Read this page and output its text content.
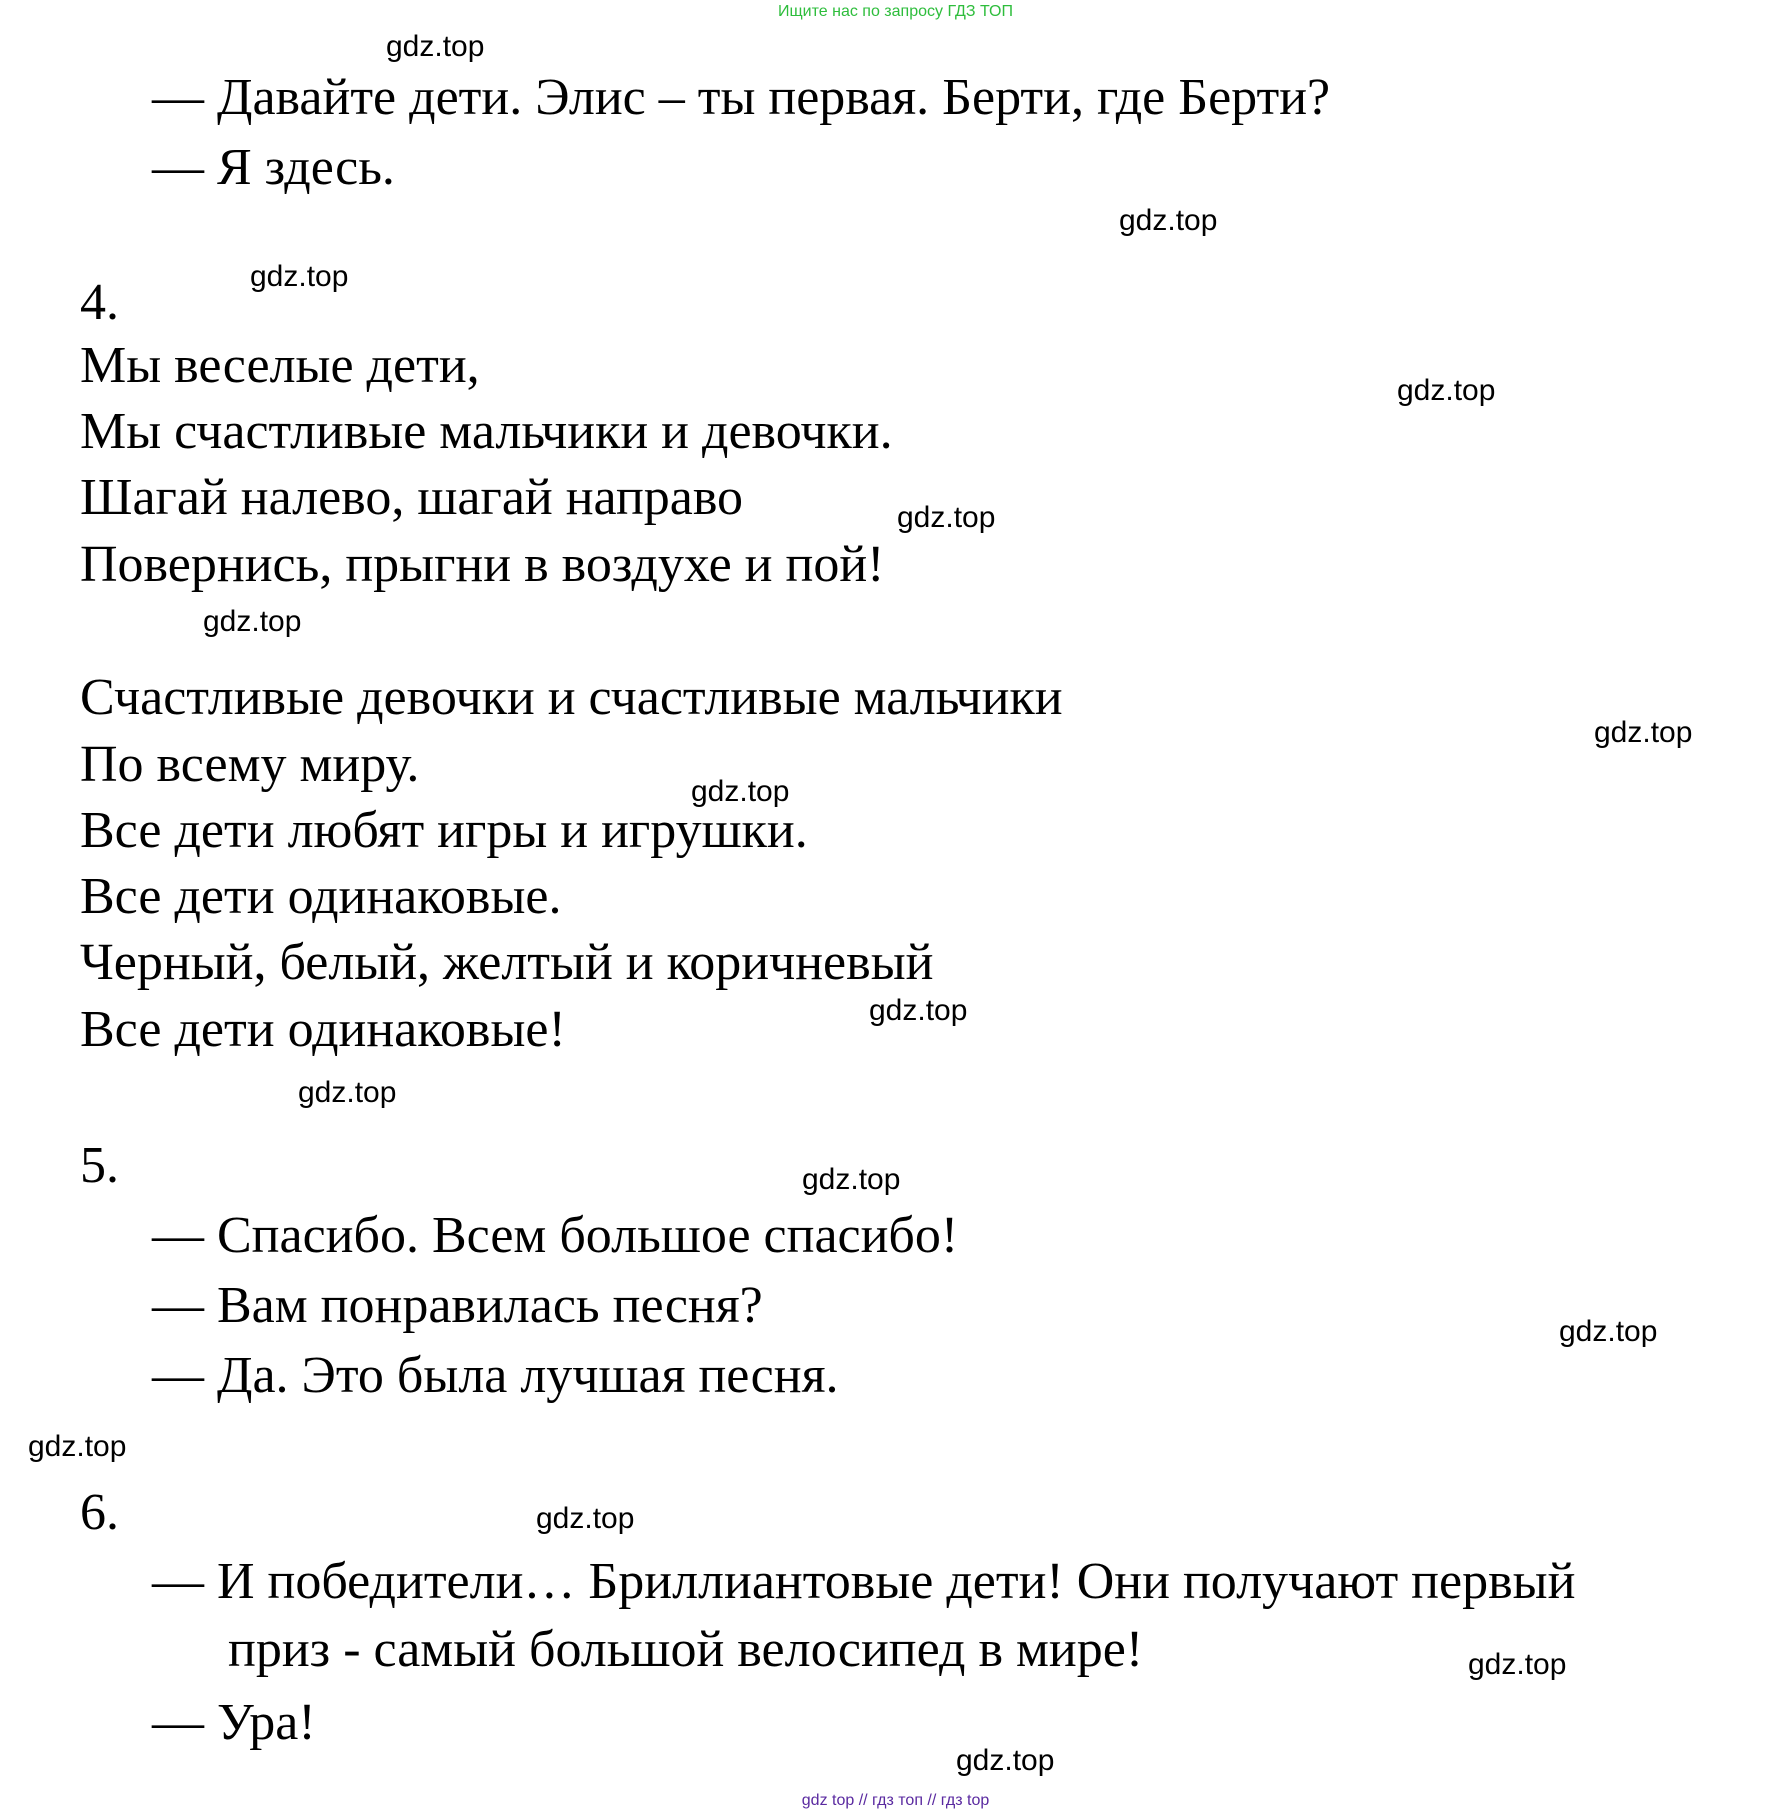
Ищите нас по запросу ГДЗ ТОП
— Давайте дети. Элис – ты первая. Берти, где Берти?
— Я здесь.
4.
Мы веселые дети,
Мы счастливые мальчики и девочки.
Шагай налево, шагай направо
Повернись, прыгни в воздухе и пой!
Счастливые девочки и счастливые мальчики
По всему миру.
Все дети любят игры и игрушки.
Все дети одинаковые.
Черный, белый, желтый и коричневый
Все дети одинаковые!
5.
— Спасибо. Всем большое спасибо!
— Вам понравилась песня?
— Да. Это была лучшая песня.
6.
— И победители… Бриллиантовые дети! Они получают первый
приз - самый большой велосипед в мире!
— Ура!
gdz.top
gdz.top
gdz.top
gdz.top
gdz.top
gdz.top
gdz.top
gdz.top
gdz.top
gdz.top
gdz.top
gdz.top
gdz.top
gdz.top
gdz.top
gdz.top
gdz top // гдз топ // гдз top
